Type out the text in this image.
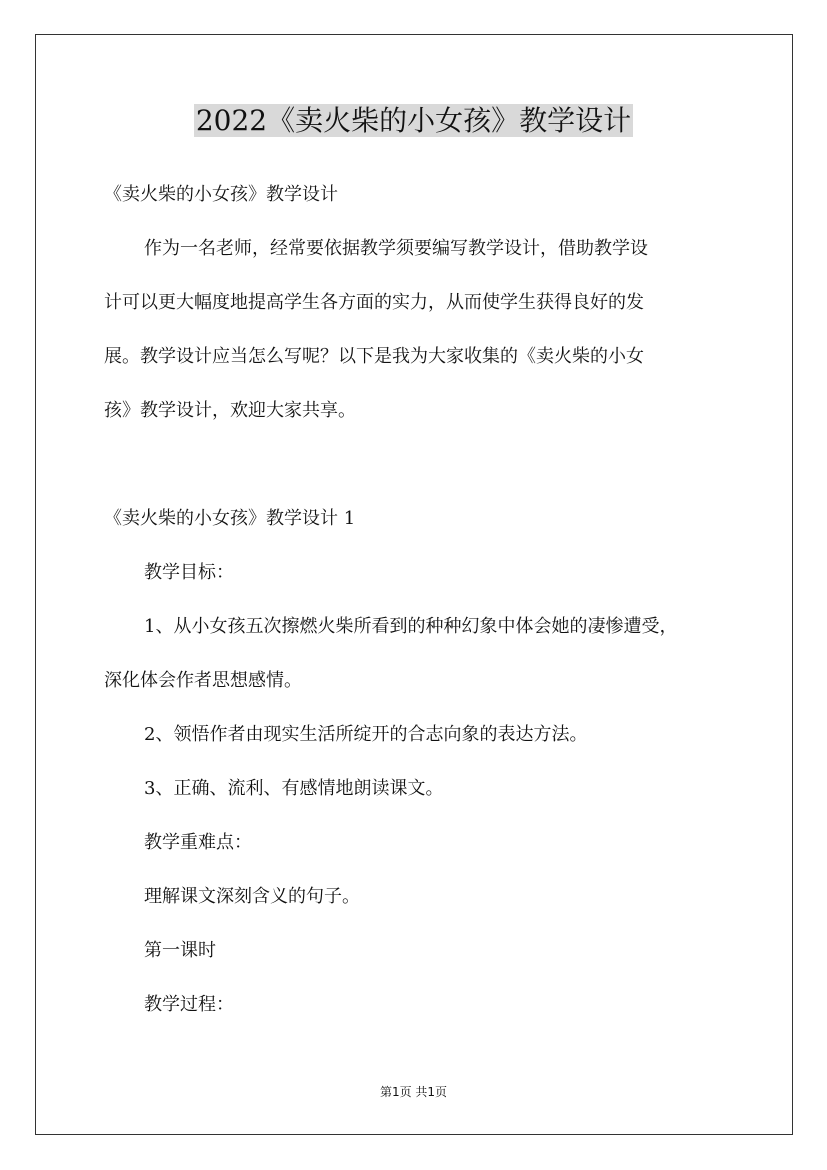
2022《卖火柴的小女孩》教学设计

《卖火柴的小女孩》教学设计

作为一名老师，经常要依据教学须要编写教学设计，借助教学设

计可以更大幅度地提高学生各方面的实力，从而使学生获得良好的发

展。教学设计应当怎么写呢？以下是我为大家收集的《卖火柴的小女

孩》教学设计，欢迎大家共享。

《卖火柴的小女孩》教学设计 1

教学目标：

1、从小女孩五次擦燃火柴所看到的种种幻象中体会她的凄惨遭受，

深化体会作者思想感情。

2、领悟作者由现实生活所绽开的合志向象的表达方法。

3、正确、流利、有感情地朗读课文。

教学重难点：

理解课文深刻含义的句子。

第一课时

教学过程：

第1页 共1页
